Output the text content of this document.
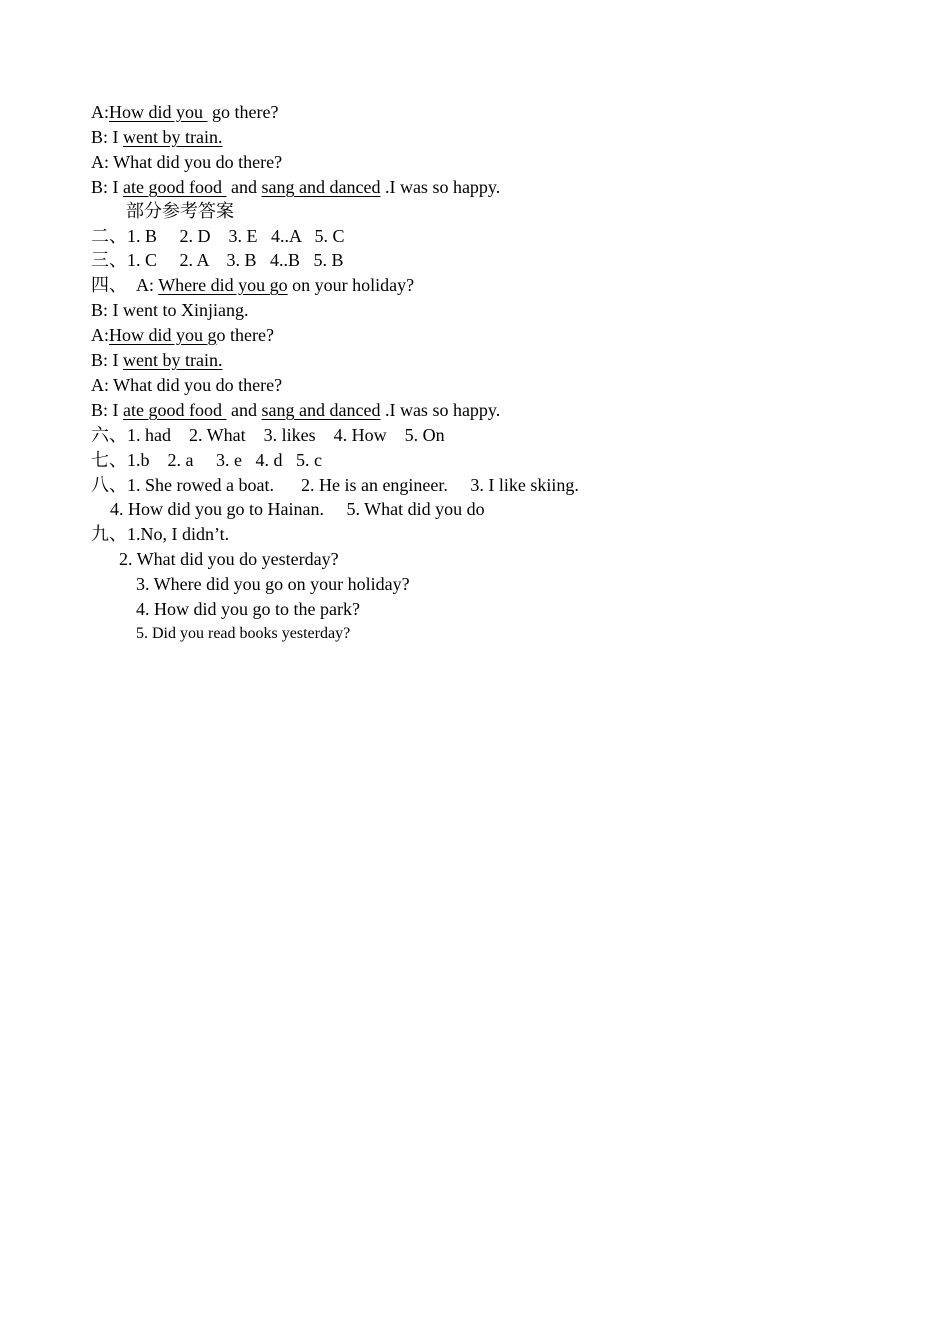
A:How did you  go there?
B: I went by train.
A: What did you do there?
B: I ate good food  and sang and danced .I was so happy.
部分参考答案
二、1. B     2. D    3. E   4..A   5. C
三、1. C     2. A    3. B   4..B   5. B
四、  A: Where did you go on your holiday?
B: I went to Xinjiang.
A:How did you go there?
B: I went by train.
A: What did you do there?
B: I ate good food  and sang and danced .I was so happy.
六、1. had    2. What    3. likes    4. How    5. On
七、1.b    2. a     3. e   4. d   5. c
八、1. She rowed a boat.      2. He is an engineer.     3. I like skiing.
4. How did you go to Hainan.     5. What did you do
九、1.No, I didn’t.
2. What did you do yesterday?
3. Where did you go on your holiday?
4. How did you go to the park?
5. Did you read books yesterday?
